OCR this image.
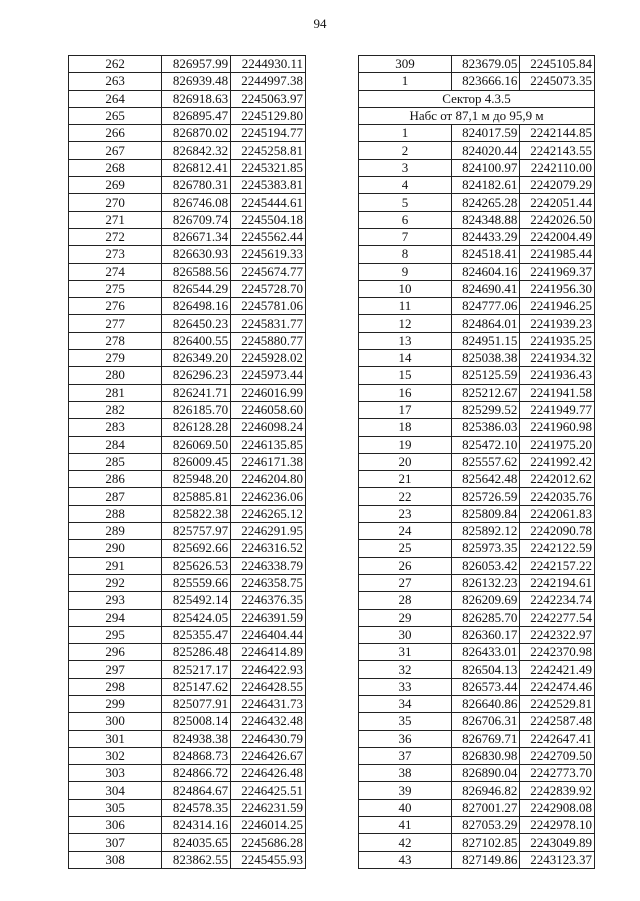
94
262	826957.99	2244930.11
263	826939.48	2244997.38
264	826918.63	2245063.97
265	826895.47	2245129.80
266	826870.02	2245194.77
267	826842.32	2245258.81
268	826812.41	2245321.85
269	826780.31	2245383.81
270	826746.08	2245444.61
271	826709.74	2245504.18
272	826671.34	2245562.44
273	826630.93	2245619.33
274	826588.56	2245674.77
275	826544.29	2245728.70
276	826498.16	2245781.06
277	826450.23	2245831.77
278	826400.55	2245880.77
279	826349.20	2245928.02
280	826296.23	2245973.44
281	826241.71	2246016.99
282	826185.70	2246058.60
283	826128.28	2246098.24
284	826069.50	2246135.85
285	826009.45	2246171.38
286	825948.20	2246204.80
287	825885.81	2246236.06
288	825822.38	2246265.12
289	825757.97	2246291.95
290	825692.66	2246316.52
291	825626.53	2246338.79
292	825559.66	2246358.75
293	825492.14	2246376.35
294	825424.05	2246391.59
295	825355.47	2246404.44
296	825286.48	2246414.89
297	825217.17	2246422.93
298	825147.62	2246428.55
299	825077.91	2246431.73
300	825008.14	2246432.48
301	824938.38	2246430.79
302	824868.73	2246426.67
303	824866.72	2246426.48
304	824864.67	2246425.51
305	824578.35	2246231.59
306	824314.16	2246014.25
307	824035.65	2245686.28
308	823862.55	2245455.93
309	823679.05	2245105.84
1	823666.16	2245073.35
Сектор 4.3.5		
Набс от 87,1 м до 95,9 м		
1	824017.59	2242144.85
2	824020.44	2242143.55
3	824100.97	2242110.00
4	824182.61	2242079.29
5	824265.28	2242051.44
6	824348.88	2242026.50
7	824433.29	2242004.49
8	824518.41	2241985.44
9	824604.16	2241969.37
10	824690.41	2241956.30
11	824777.06	2241946.25
12	824864.01	2241939.23
13	824951.15	2241935.25
14	825038.38	2241934.32
15	825125.59	2241936.43
16	825212.67	2241941.58
17	825299.52	2241949.77
18	825386.03	2241960.98
19	825472.10	2241975.20
20	825557.62	2241992.42
21	825642.48	2242012.62
22	825726.59	2242035.76
23	825809.84	2242061.83
24	825892.12	2242090.78
25	825973.35	2242122.59
26	826053.42	2242157.22
27	826132.23	2242194.61
28	826209.69	2242234.74
29	826285.70	2242277.54
30	826360.17	2242322.97
31	826433.01	2242370.98
32	826504.13	2242421.49
33	826573.44	2242474.46
34	826640.86	2242529.81
35	826706.31	2242587.48
36	826769.71	2242647.41
37	826830.98	2242709.50
38	826890.04	2242773.70
39	826946.82	2242839.92
40	827001.27	2242908.08
41	827053.29	2242978.10
42	827102.85	2243049.89
43	827149.86	2243123.37
